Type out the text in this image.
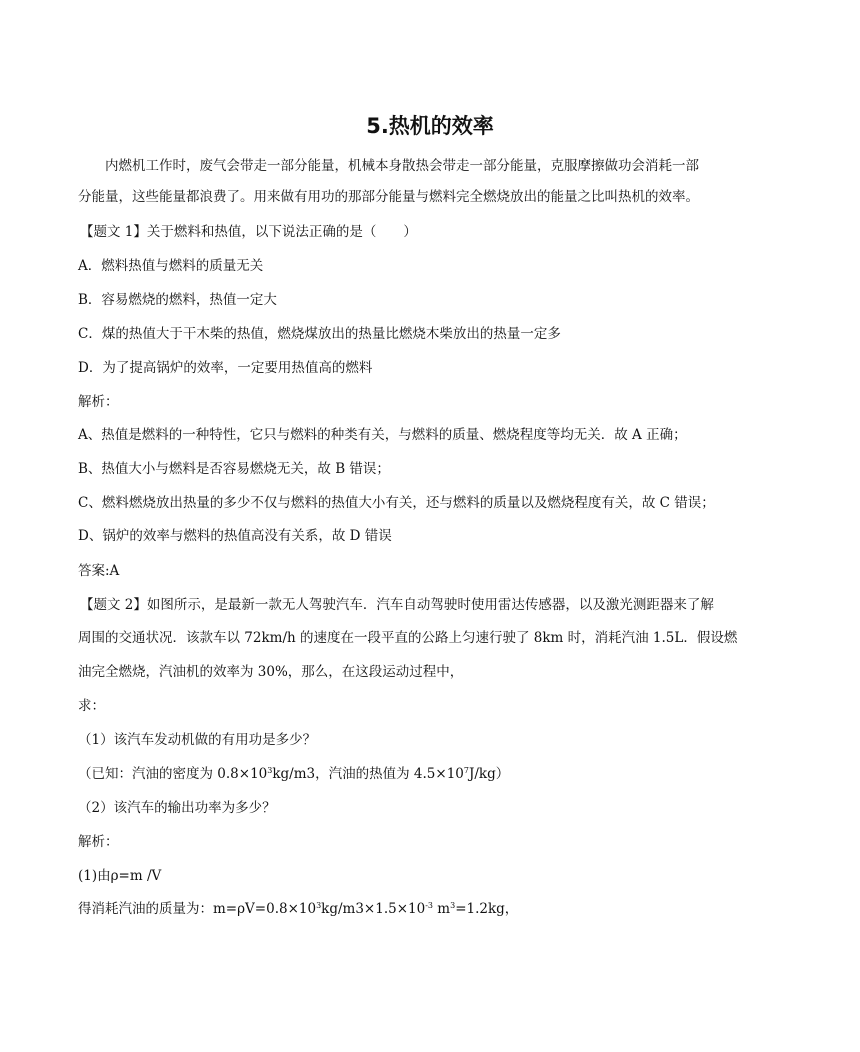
5.热机的效率
内燃机工作时，废气会带走一部分能量，机械本身散热会带走一部分能量，克服摩擦做功会消耗一部
分能量，这些能量都浪费了。用来做有用功的那部分能量与燃料完全燃烧放出的能量之比叫热机的效率。
【题文 1】关于燃料和热值，以下说法正确的是（　　）
A．燃料热值与燃料的质量无关
B．容易燃烧的燃料，热值一定大
C．煤的热值大于干木柴的热值，燃烧煤放出的热量比燃烧木柴放出的热量一定多
D．为了提高锅炉的效率，一定要用热值高的燃料
解析：
A、热值是燃料的一种特性，它只与燃料的种类有关，与燃料的质量、燃烧程度等均无关．故 A 正确；
B、热值大小与燃料是否容易燃烧无关，故 B 错误；
C、燃料燃烧放出热量的多少不仅与燃料的热值大小有关，还与燃料的质量以及燃烧程度有关，故 C 错误；
D、锅炉的效率与燃料的热值高没有关系，故 D 错误
答案:A
【题文 2】如图所示，是最新一款无人驾驶汽车．汽车自动驾驶时使用雷达传感器，以及激光测距器来了解
周围的交通状况．该款车以 72km/h 的速度在一段平直的公路上匀速行驶了 8km 时，消耗汽油 1.5L．假设燃
油完全燃烧，汽油机的效率为 30%，那么，在这段运动过程中，
求：
（1）该汽车发动机做的有用功是多少？
（已知：汽油的密度为 $0.8\times 10^3kg/m3$，汽油的热值为 $4.5\times 10^7J/kg$）
（2）该汽车的输出功率为多少？
解析：
(1)由ρ=m /V
得消耗汽油的质量为：$m=\rho V=0.8\times 10^3kg/m3\times 1.5\times 10^{-3}$ $m^3=1.2kg$，
